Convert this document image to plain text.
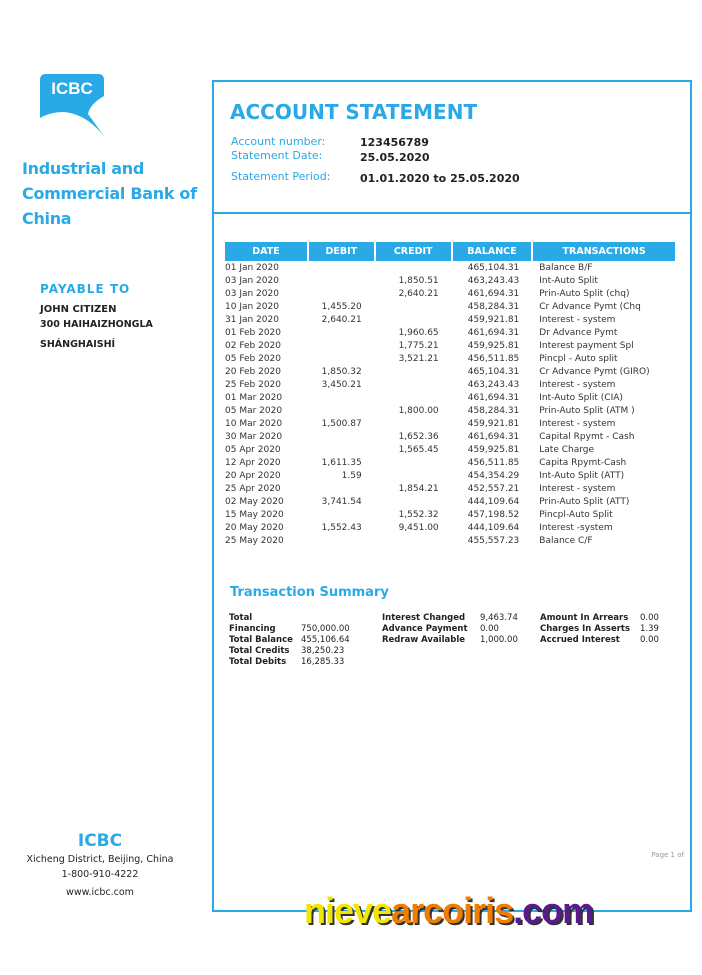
ICBC
Industrial and
Commercial Bank of
China
PAYABLE TO
JOHN CITIZEN
300 HAIHAIZHONGLA
SHÁNGHAISHÍ
ICBC
Xicheng District, Beijing, China
1-800-910-4222
www.icbc.com
ACCOUNT STATEMENT
Account number:	123456789
Statement Date:	25.05.2020
Statement Period:	01.01.2020 to 25.05.2020
DATE	DEBIT	CREDIT	BALANCE	TRANSACTIONS
01 Jan 2020			465,104.31	Balance B/F
03 Jan 2020		1,850.51	463,243.43	Int-Auto Split
03 Jan 2020		2,640.21	461,694.31	Prin-Auto Split (chq)
10 Jan 2020	1,455.20		458,284.31	Cr Advance Pymt (Chq
31 Jan 2020	2,640.21		459,921.81	Interest - system
01 Feb 2020		1,960.65	461,694.31	Dr Advance Pymt
02 Feb 2020		1,775.21	459,925.81	Interest payment Spl
05 Feb 2020		3,521.21	456,511.85	Pincpl - Auto split
20 Feb 2020	1,850.32		465,104.31	Cr Advance Pymt (GIRO)
25 Feb 2020	3,450.21		463,243.43	Interest - system
01 Mar 2020			461,694.31	Int-Auto Split (CIA)
05 Mar 2020		1,800.00	458,284.31	Prin-Auto Split (ATM )
10 Mar 2020	1,500.87		459,921.81	Interest - system
30 Mar 2020		1,652.36	461,694.31	Capital Rpymt - Cash
05 Apr 2020		1,565.45	459,925.81	Late Charge
12 Apr 2020	1,611.35		456,511.85	Capita Rpymt-Cash
20 Apr 2020	1.59		454,354.29	Int-Auto Split (ATT)
25 Apr 2020		1,854.21	452,557.21	Interest - system
02 May 2020	3,741.54		444,109.64	Prin-Auto Split (ATT)
15 May 2020		1,552.32	457,198.52	Pincpl-Auto Split
20 May 2020	1,552.43	9,451.00	444,109.64	Interest -system
25 May 2020			455,557.23	Balance C/F
Transaction Summary
Total Financing	750,000.00
Total Balance 455,106.64
Total Credits 38,250.23
Total Debits 16,285.33
Interest Changed 9,463.74
Advance Payment 0.00
Redraw Available 1,000.00
Amount In Arrears 0.00
Charges In Asserts 1.39
Accrued Interest 0.00
Page 1 of
nievearcoiris.com
